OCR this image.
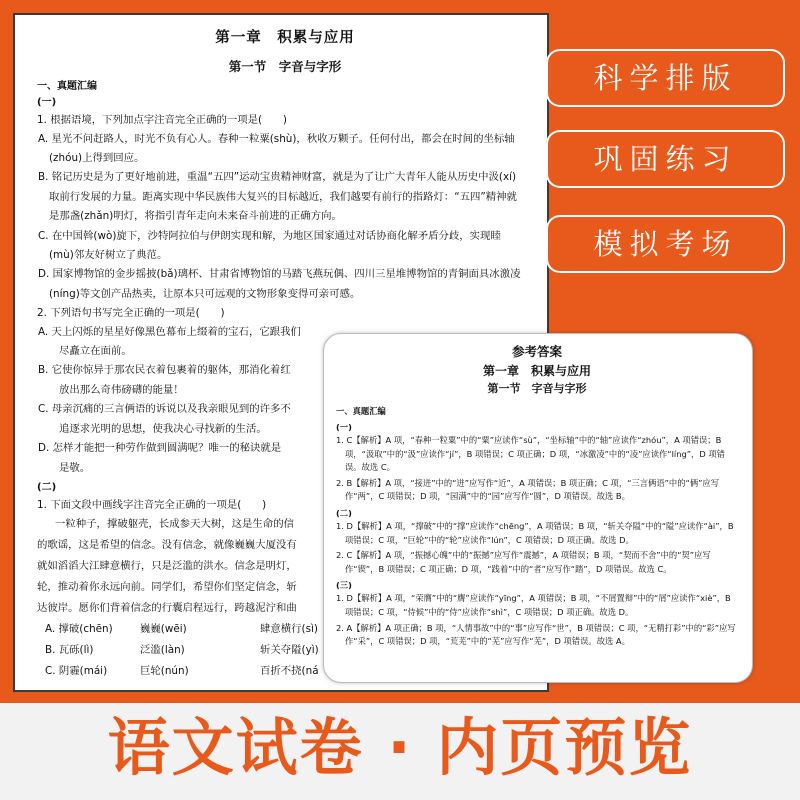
第一章　积累与应用
第一节　字音与字形
一、真题汇编
(一)
1. 根据语境，下列加点字注音完全正确的一项是(　　)
A. 星光不问赶路人，时光不负有心人。春种一粒粟(shù)，秋收万颗子。任何付出，都会在时间的坐标轴(zhóu)上得到回应。
B. 铭记历史是为了更好地前进，重温“五四”运动宝贵精神财富，就是为了让广大青年人能从历史中汲(xí)取前行发展的力量。距离实现中华民族伟大复兴的目标越近，我们越要有前行的指路灯：“五四”精神就是那盏(zhǎn)明灯，将指引青年走向未来奋斗前进的正确方向。
C. 在中国斡(wò)旋下，沙特阿拉伯与伊朗实现和解，为地区国家通过对话协商化解矛盾分歧，实现睦(mù)邻友好树立了典范。
D. 国家博物馆的金步摇披(bǎ)璃杯、甘肃省博物馆的马踏飞燕玩偶、四川三星堆博物馆的青铜面具冰激凌(níng)等文创产品热卖，让原本只可远观的文物形象变得可亲可感。
2. 下列语句书写完全正确的一项是(　　)
A. 天上闪烁的星星好像黑色幕布上缀着的宝石，它跟我们
尽矗立在面前。
B. 它使你惊异于那农民衣着包裹着的躯体，那消化着红
放出那么奇伟磅礴的能量！
C. 母亲沉痛的三言俩语的诉说以及我亲眼见到的许多不
追逐求光明的思想，使我决心寻找新的生活。
D. 怎样才能把一种劳作做到圆满呢？唯一的秘诀就是
是敬。
(二)
1. 下面文段中画线字注音完全正确的一项是(　　)
一粒种子，撑破躯壳，长成参天大树，这是生命的信
的歌谣，这是希望的信念。没有信念，就像巍巍大厦没有
就如滔滔大江肆意横行，只是泛滥的洪水。信念是明灯，
轮，推动着你永远向前。同学们，希望你们坚定信念，斩
达彼岸。愿你们背着信念的行囊启程远行，跨越泥泞和曲
A. 撑破(chēn)	巍巍(wēi)	肆意横行(sì)
B. 瓦砾(lì)	泛滥(làn)	斩关夺隘(yì)
C. 阴霾(mái)	巨轮(nún)	百折不挠(ná
科学排版
巩固练习
模拟考场
参考答案
第一章　积累与应用
第一节　字音与字形
一、真题汇编
(一)
1. C【解析】A 项，“春种一粒粟”中的“粟”应读作“sù”，“坐标轴”中的“轴”应读作“zhóu”，A 项错误；B 项，“汲取”中的“汲”应读作“jí”，B 项错误；C 项正确；D 项，“冰激凌”中的“凌”应读作“líng”，D 项错误。故选 C。
2. B【解析】A 项，“接迸”中的“迸”应写作“近”，A 项错误；B 项正确；C 项，“三言俩语”中的“俩”应写作“两”，C 项错误；D 项，“园满”中的“园”应写作“圆”，D 项错误。故选 B。
(二)
1. D【解析】A 项，“撑破”中的“撑”应读作“chēng”，A 项错误；B 项，“斩关夺隘”中的“隘”应读作“ài”，B 项错误；C 项，“巨轮”中的“轮”应读作“lún”，C 项错误；D 项正确。故选 D。
2. C【解析】A 项，“振撼心魄”中的“振撼”应写作“震撼”，A 项错误；B 项，“契而不舍”中的“契”应写作“锲”，B 项错误；C 项正确；D 项，“践着”中的“者”应写作“踏”，D 项错误。故选 C。
(三)
1. D【解析】A 项，“荣膺”中的“膺”应读作“yīng”，A 项错误；B 项，“不屑置辩”中的“屑”应读作“xiè”，B 项错误；C 项，“侍候”中的“侍”应读作“shì”，C 项错误；D 项正确。故选 D。
2. A【解析】A 项正确；B 项，“人情事故”中的“事”应写作“世”，B 项错误；C 项，“无精打彩”中的“彩”应写作“采”，C 项错误；D 项，“荒芜”中的“芜”应写作“芜”，D 项错误。故选 A。
语文试卷 · 内页预览
